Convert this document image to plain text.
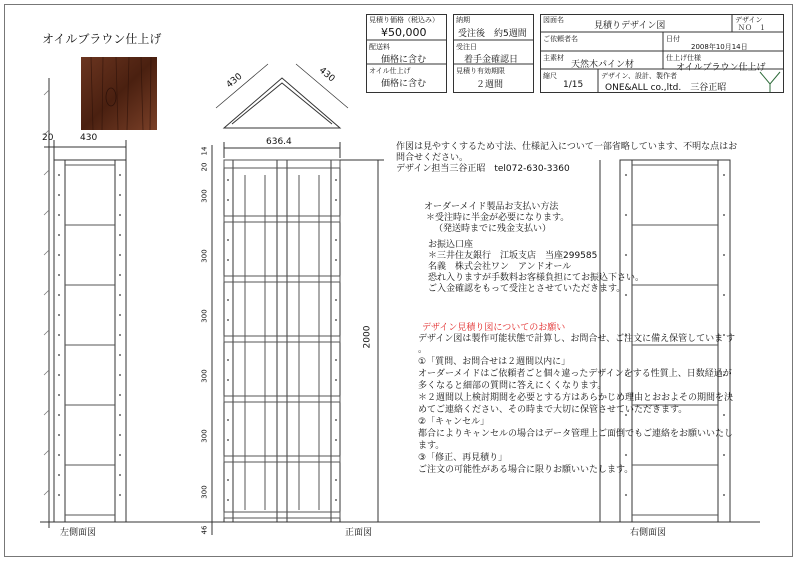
オイルブラウン仕上げ
見積り価格（税込み）
¥50,000
配送料
価格に含む
オイル仕上げ
価格に含む
納期
受注後　約5週間
受注日
着手金確認日
見積り有効期限
２週間
図面名
見積りデザイン図
デザイン
ＮＯ　１
ご依頼者名	日付
2008年10月14日
主素材
天然木パイン材
仕上げ仕様
オイルブラウン仕上げ
縮尺
1/15
デザイン、設計、製作者
ONE&ALL co.,ltd.　三谷正昭
20	430
430	430
636.4
2000
14
20
300
300
300
300
300
300
46
左側面図	正面図	右側面図
作図は見やすくするため寸法、仕様記入について一部省略しています、不明な点はお
問合せください。
デザイン担当三谷正昭　tel072-630-3360
オーダーメイド製品お支払い方法
＊受注時に半金が必要になります。
（発送時までに残金支払い）
お振込口座
＊三井住友銀行　江坂支店　当座299585
名義　株式会社ワン　アンドオール
恐れ入りますが手数料お客様負担にてお振込下さい。
ご入金確認をもって受注とさせていただきます。
デザイン見積り図についてのお願い
デザイン図は製作可能状態で計算し、お問合せ、ご注文に備え保管していま す
。
①「質問、お問合せは２週間以内に」
オーダーメイドはご依頼者ごと個々違ったデザインをする性質上、日数経過が
多くなると細部の質問に答えにくくなります。
＊２週間以上検討期間を必要とする方はあらかじめ理由とおおよその期間を決
めてご連絡ください、その時まで大切に保管させていただきます。
②「キャンセル」
都合によりキャンセルの場合はデータ管理上ご面倒でもご連絡をお願いいたし
ます。
③「修正、再見積り」
ご注文の可能性がある場合に限りお願いいたします。
